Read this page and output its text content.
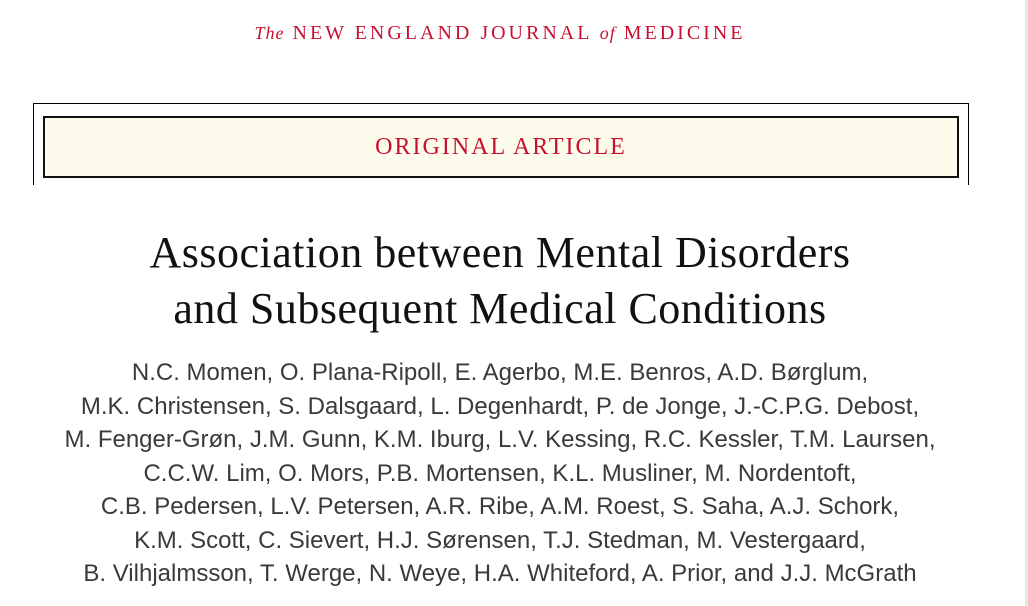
The NEW ENGLAND JOURNAL of MEDICINE
ORIGINAL ARTICLE
Association between Mental Disorders
and Subsequent Medical Conditions
N.C. Momen, O. Plana-Ripoll, E. Agerbo, M.E. Benros, A.D. Børglum,
M.K. Christensen, S. Dalsgaard, L. Degenhardt, P. de Jonge, J.-C.P.G. Debost,
M. Fenger-Grøn, J.M. Gunn, K.M. Iburg, L.V. Kessing, R.C. Kessler, T.M. Laursen,
C.C.W. Lim, O. Mors, P.B. Mortensen, K.L. Musliner, M. Nordentoft,
C.B. Pedersen, L.V. Petersen, A.R. Ribe, A.M. Roest, S. Saha, A.J. Schork,
K.M. Scott, C. Sievert, H.J. Sørensen, T.J. Stedman, M. Vestergaard,
B. Vilhjalmsson, T. Werge, N. Weye, H.A. Whiteford, A. Prior, and J.J. McGrath
